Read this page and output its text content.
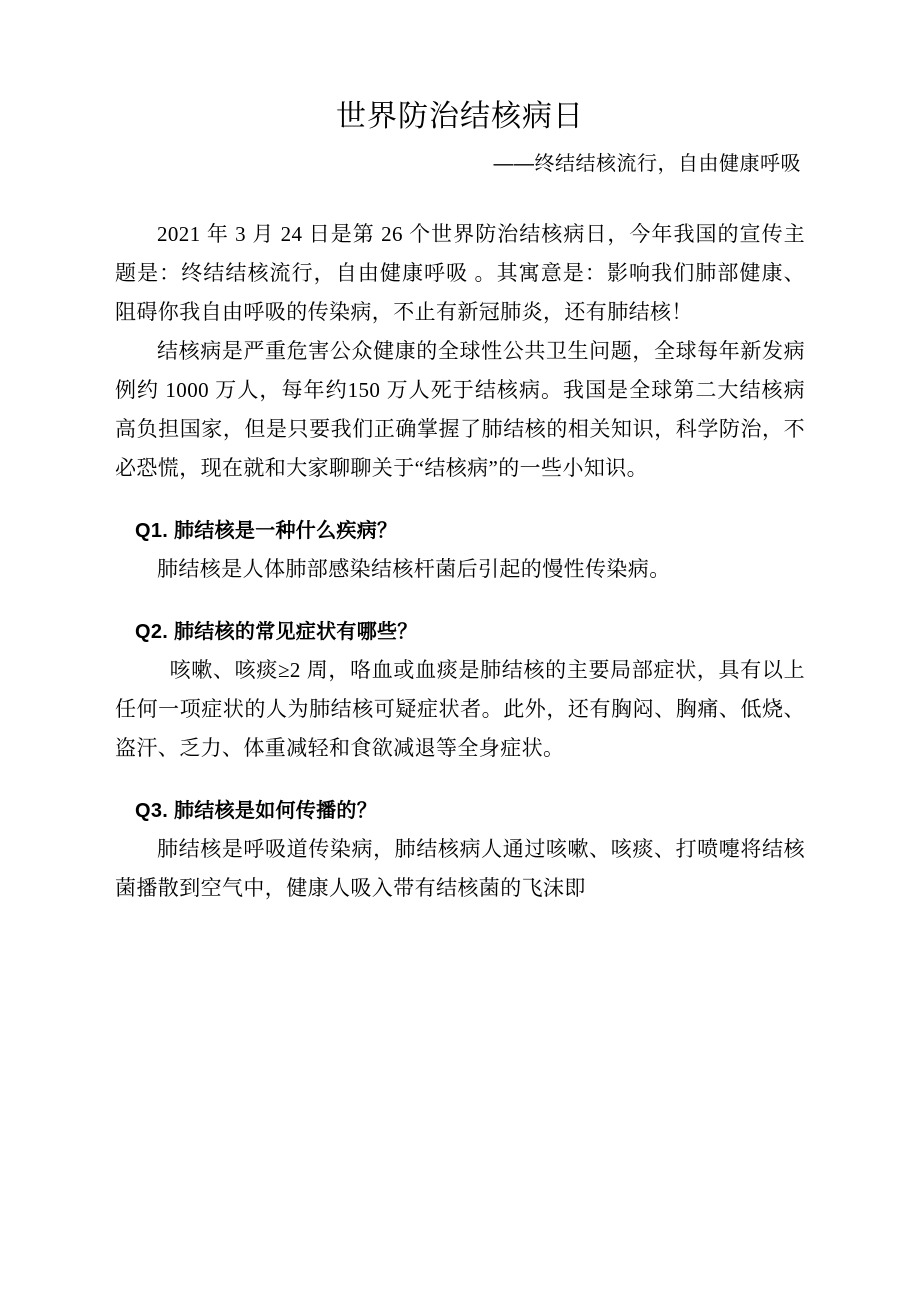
世界防治结核病日
——终结结核流行，自由健康呼吸

2021 年 3 月 24 日是第 26 个世界防治结核病日，今年我国的宣传主题是：终结结核流行，自由健康呼吸 。其寓意是：影响我们肺部健康、阻碍你我自由呼吸的传染病，不止有新冠肺炎，还有肺结核！

结核病是严重危害公众健康的全球性公共卫生问题，全球每年新发病例约 1000 万人，每年约150 万人死于结核病。我国是全球第二大结核病高负担国家，但是只要我们正确掌握了肺结核的相关知识，科学防治，不必恐慌，现在就和大家聊聊关于“结核病”的一些小知识。

Q1. 肺结核是一种什么疾病？

肺结核是人体肺部感染结核杆菌后引起的慢性传染病。

Q2. 肺结核的常见症状有哪些？

咳嗽、咳痰≥2 周，咯血或血痰是肺结核的主要局部症状，具有以上任何一项症状的人为肺结核可疑症状者。此外，还有胸闷、胸痛、低烧、盗汗、乏力、体重减轻和食欲减退等全身症状。

Q3. 肺结核是如何传播的？

肺结核是呼吸道传染病，肺结核病人通过咳嗽、咳痰、打喷嚏将结核菌播散到空气中，健康人吸入带有结核菌的飞沫即
